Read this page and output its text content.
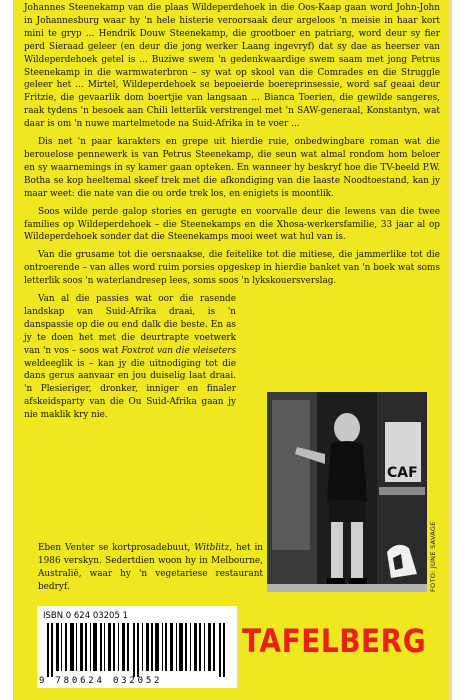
Johannes Steenekamp van die plaas Wildeperdehoek in die Oos-Kaap gaan word John-John in Johannesburg waar hy 'n hele histerie veroorsaak deur argeloos 'n meisie in haar kort mini te gryp ... Hendrik Douw Steenekamp, die grootboer en patriarg, word deur sy fier perd Sieraad geleer (en deur die jong werker Laang ingevryf) dat sy dae as heerser van Wildeperdehoek getel is ... Buziwe swem 'n gedenkwaardige swem saam met jong Petrus Steenekamp in die warmwaterbron – sy wat op skool van die Comrades en die Struggle geleer het ... Mirtel, Wildeperdehoek se bepoeierde boereprinsessie, word saf geaai deur Fritzie, die gevaarlik dom boertjie van langsaan ... Bianca Toerien, die gewilde sangeres, raak tydens 'n besoek aan Chili letterlik verstrengel met 'n SAW-generaal, Konstantyn, wat daar is om 'n nuwe martelmetode na Suid-Afrika in te voer ...

Dis net 'n paar karakters en grepe uit hierdie ruie, onbedwingbare roman wat die berouelose pennewerk is van Petrus Steenekamp, die seun wat almal rondom hom beloer en sy waarnemings in sy kamer gaan opteken. En wanneer hy beskryf hoe die TV-beeld P.W. Botha se kop heeltemal skeef trek met die afkondiging van die laaste Noodtoestand, kan jy maar weet: die nate van die ou orde trek los, en enigiets is moontlik.

Soos wilde perde galop stories en gerugte en voorvalle deur die lewens van die twee families op Wildeperdehoek – die Steenekamps en die Xhosa-werkersfamilie, 33 jaar al op Wildeperdehoek sonder dat die Steenekamps mooi weet wat hul van is.

Van die grusame tot die oersnaakse, die feitelike tot die mitiese, die jammerlike tot die ontroerende – van alles word ruim porsies opgeskep in hierdie banket van 'n boek wat soms letterlik soos 'n waterlandresep lees, soms soos 'n lykskouersverslag.

Van al die passies wat oor die rasende landskap van Suid-Afrika draai, is 'n danspassie op die ou end dalk die beste. En as jy te doen het met die deurtrapte voetwerk van 'n vos – soos wat Foxtrot van die vleiseters weldeeglik is – kan jy die uitnodiging tot die dans gerus aanvaar en jou duiselig laat draai. 'n Plesieriger, dronker, inniger en finaler afskeidsparty van die Ou Suid-Afrika gaan jy nie maklik kry nie.

CAF
FOTO: JUNE SAVAGE

Eben Venter se kortprosadebuut, Witblitz, het in 1986 verskyn. Sedertdien woon hy in Melbourne, Australië, waar hy 'n vegetariese restaurant bedryf.

ISBN 0 624 03205 1
9 780624 032052
TAFELBERG
